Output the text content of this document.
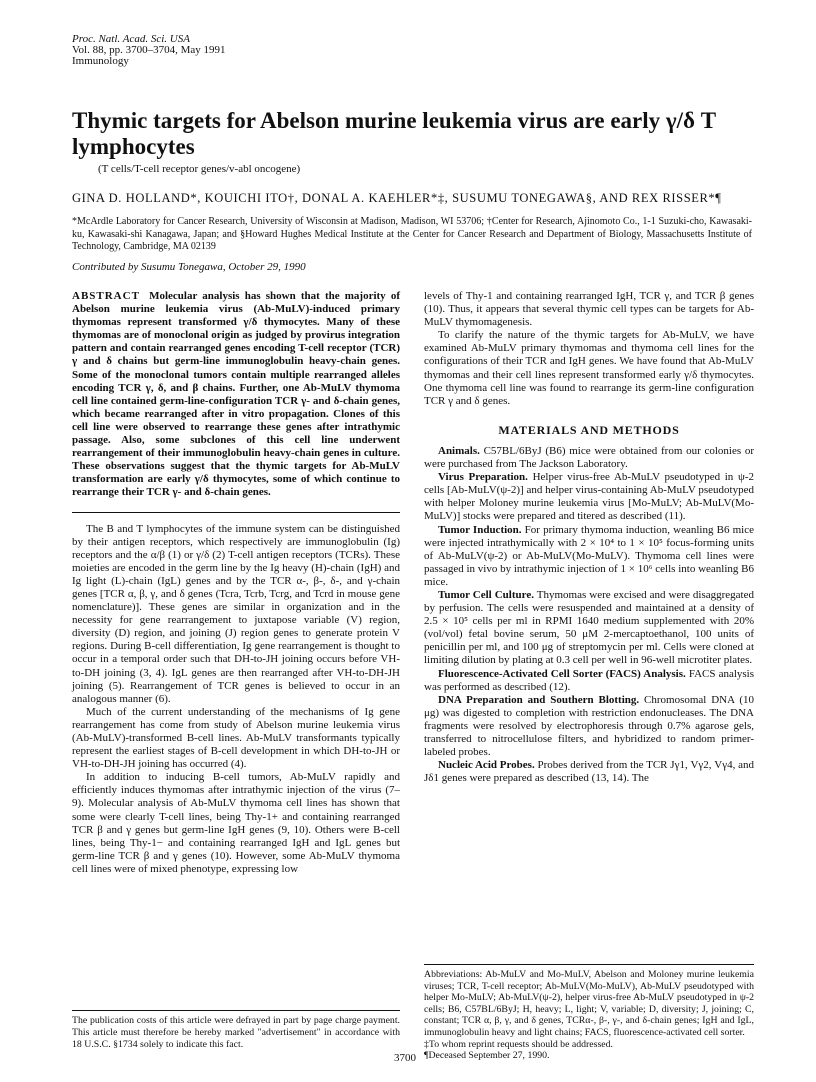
Proc. Natl. Acad. Sci. USA
Vol. 88, pp. 3700–3704, May 1991
Immunology
Thymic targets for Abelson murine leukemia virus are early γ/δ T lymphocytes
(T cells/T-cell receptor genes/v-abl oncogene)
GINA D. HOLLAND*, KOUICHI ITO†, DONAL A. KAEHLER*‡, SUSUMU TONEGAWA§, AND REX RISSER*¶
*McArdle Laboratory for Cancer Research, University of Wisconsin at Madison, Madison, WI 53706; †Center for Research, Ajinomoto Co., 1-1 Suzuki-cho, Kawasaki-ku, Kawasaki-shi Kanagawa, Japan; and §Howard Hughes Medical Institute at the Center for Cancer Research and Department of Biology, Massachusetts Institute of Technology, Cambridge, MA 02139
Contributed by Susumu Tonegawa, October 29, 1990

ABSTRACT Molecular analysis has shown that the majority of Abelson murine leukemia virus (Ab-MuLV)-induced primary thymomas represent transformed γ/δ thymocytes. Many of these thymomas are of monoclonal origin as judged by provirus integration pattern and contain rearranged genes encoding T-cell receptor (TCR) γ and δ chains but germ-line immunoglobulin heavy-chain genes. Some of the monoclonal tumors contain multiple rearranged alleles encoding TCR γ, δ, and β chains. Further, one Ab-MuLV thymoma cell line contained germ-line-configuration TCR γ- and δ-chain genes, which became rearranged after in vitro propagation. Clones of this cell line were observed to rearrange these genes after intrathymic passage. Also, some subclones of this cell line underwent rearrangement of their immunoglobulin heavy-chain genes in culture. These observations suggest that the thymic targets for Ab-MuLV transformation are early γ/δ thymocytes, some of which continue to rearrange their TCR γ- and δ-chain genes.

The B and T lymphocytes of the immune system can be distinguished by their antigen receptors, which respectively are immunoglobulin (Ig) receptors and the α/β (1) or γ/δ (2) T-cell antigen receptors (TCRs). These moieties are encoded in the germ line by the Ig heavy (H)-chain (IgH) and Ig light (L)-chain (IgL) genes and by the TCR α-, β-, δ-, and γ-chain genes [TCR α, β, γ, and δ genes (Tcra, Tcrb, Tcrg, and Tcrd in mouse gene nomenclature)]. These genes are similar in organization and in the necessity for gene rearrangement to juxtapose variable (V) region, diversity (D) region, and joining (J) region genes to generate protein V regions. During B-cell differentiation, Ig gene rearrangement is thought to occur in a temporal order such that DH-to-JH joining occurs before VH-to-DH joining (3, 4). IgL genes are then rearranged after VH-to-DH-JH joining (5). Rearrangement of TCR genes is believed to occur in an analogous manner (6).

Much of the current understanding of the mechanisms of Ig gene rearrangement has come from study of Abelson murine leukemia virus (Ab-MuLV)-transformed B-cell lines. Ab-MuLV transformants typically represent the earliest stages of B-cell development in which DH-to-JH or VH-to-DH-JH joining has occurred (4).

In addition to inducing B-cell tumors, Ab-MuLV rapidly and efficiently induces thymomas after intrathymic injection of the virus (7–9). Molecular analysis of Ab-MuLV thymoma cell lines has shown that some were clearly T-cell lines, being Thy-1+ and containing rearranged TCR β and γ genes but germ-line IgH genes (9, 10). Others were B-cell lines, being Thy-1− and containing rearranged IgH and IgL genes but germ-line TCR β and γ genes (10). However, some Ab-MuLV thymoma cell lines were of mixed phenotype, expressing low

levels of Thy-1 and containing rearranged IgH, TCR γ, and TCR β genes (10). Thus, it appears that several thymic cell types can be targets for Ab-MuLV thymomagenesis.

To clarify the nature of the thymic targets for Ab-MuLV, we have examined Ab-MuLV primary thymomas and thymoma cell lines for the configurations of their TCR and IgH genes. We have found that Ab-MuLV thymomas and their cell lines represent transformed early γ/δ thymocytes. One thymoma cell line was found to rearrange its germ-line configuration TCR γ and δ genes.

MATERIALS AND METHODS

Animals. C57BL/6ByJ (B6) mice were obtained from our colonies or were purchased from The Jackson Laboratory.

Virus Preparation. Helper virus-free Ab-MuLV pseudotyped in ψ-2 cells [Ab-MuLV(ψ-2)] and helper virus-containing Ab-MuLV pseudotyped with helper Moloney murine leukemia virus [Mo-MuLV; Ab-MuLV(Mo-MuLV)] stocks were prepared and titered as described (11).

Tumor Induction. For primary thymoma induction, weanling B6 mice were injected intrathymically with 2 × 10⁴ to 1 × 10⁵ focus-forming units of Ab-MuLV(ψ-2) or Ab-MuLV(Mo-MuLV). Thymoma cell lines were passaged in vivo by intrathymic injection of 1 × 10⁶ cells into weanling B6 mice.

Tumor Cell Culture. Thymomas were excised and were disaggregated by perfusion. The cells were resuspended and maintained at a density of 2.5 × 10⁵ cells per ml in RPMI 1640 medium supplemented with 20% (vol/vol) fetal bovine serum, 50 μM 2-mercaptoethanol, 100 units of penicillin per ml, and 100 μg of streptomycin per ml. Cells were cloned at limiting dilution by plating at 0.3 cell per well in 96-well microtiter plates.

Fluorescence-Activated Cell Sorter (FACS) Analysis. FACS analysis was performed as described (12).

DNA Preparation and Southern Blotting. Chromosomal DNA (10 μg) was digested to completion with restriction endonucleases. The DNA fragments were resolved by electrophoresis through 0.7% agarose gels, transferred to nitrocellulose filters, and hybridized to random primer-labeled probes.

Nucleic Acid Probes. Probes derived from the TCR Jγ1, Vγ2, Vγ4, and Jδ1 genes were prepared as described (13, 14). The

Abbreviations: Ab-MuLV and Mo-MuLV, Abelson and Moloney murine leukemia viruses; TCR, T-cell receptor; Ab-MuLV(Mo-MuLV), Ab-MuLV pseudotyped with helper Mo-MuLV; Ab-MuLV(ψ-2), helper virus-free Ab-MuLV pseudotyped in ψ-2 cells; B6, C57BL/6ByJ; H, heavy; L, light; V, variable; D, diversity; J, joining; C, constant; TCR α, β, γ, and δ genes, TCRα-, β-, γ-, and δ-chain genes; IgH and IgL, immunoglobulin heavy and light chains; FACS, fluorescence-activated cell sorter.

‡To whom reprint requests should be addressed.

¶Deceased September 27, 1990.

The publication costs of this article were defrayed in part by page charge payment. This article must therefore be hereby marked "advertisement" in accordance with 18 U.S.C. §1734 solely to indicate this fact.
3700
